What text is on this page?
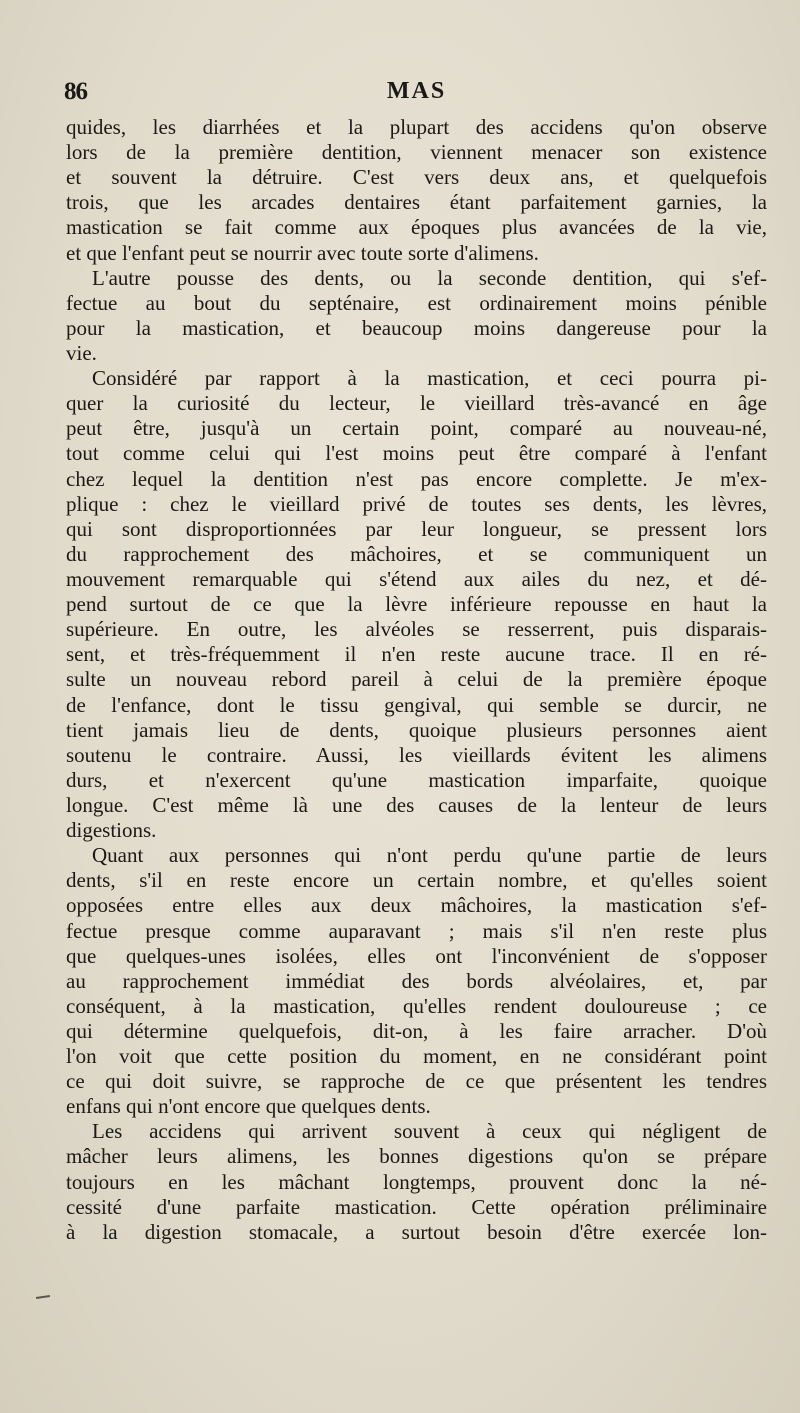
86	MAS
quides, les diarrhées et la plupart des accidens qu'on observe
lors de la première dentition, viennent menacer son existence
et souvent la détruire. C'est vers deux ans, et quelquefois
trois, que les arcades dentaires étant parfaitement garnies, la
mastication se fait comme aux époques plus avancées de la vie,
et que l'enfant peut se nourrir avec toute sorte d'alimens.
L'autre pousse des dents, ou la seconde dentition, qui s'ef-
fectue au bout du septénaire, est ordinairement moins pénible
pour la mastication, et beaucoup moins dangereuse pour la
vie.
Considéré par rapport à la mastication, et ceci pourra pi-
quer la curiosité du lecteur, le vieillard très-avancé en âge
peut être, jusqu'à un certain point, comparé au nouveau-né,
tout comme celui qui l'est moins peut être comparé à l'enfant
chez lequel la dentition n'est pas encore complette. Je m'ex-
plique : chez le vieillard privé de toutes ses dents, les lèvres,
qui sont disproportionnées par leur longueur, se pressent lors
du rapprochement des mâchoires, et se communiquent un
mouvement remarquable qui s'étend aux ailes du nez, et dé-
pend surtout de ce que la lèvre inférieure repousse en haut la
supérieure. En outre, les alvéoles se resserrent, puis disparais-
sent, et très-fréquemment il n'en reste aucune trace. Il en ré-
sulte un nouveau rebord pareil à celui de la première époque
de l'enfance, dont le tissu gengival, qui semble se durcir, ne
tient jamais lieu de dents, quoique plusieurs personnes aient
soutenu le contraire. Aussi, les vieillards évitent les alimens
durs, et n'exercent qu'une mastication imparfaite, quoique
longue. C'est même là une des causes de la lenteur de leurs
digestions.
Quant aux personnes qui n'ont perdu qu'une partie de leurs
dents, s'il en reste encore un certain nombre, et qu'elles soient
opposées entre elles aux deux mâchoires, la mastication s'ef-
fectue presque comme auparavant ; mais s'il n'en reste plus
que quelques-unes isolées, elles ont l'inconvénient de s'opposer
au rapprochement immédiat des bords alvéolaires, et, par
conséquent, à la mastication, qu'elles rendent douloureuse ; ce
qui détermine quelquefois, dit-on, à les faire arracher. D'où
l'on voit que cette position du moment, en ne considérant point
ce qui doit suivre, se rapproche de ce que présentent les tendres
enfans qui n'ont encore que quelques dents.
Les accidens qui arrivent souvent à ceux qui négligent de
mâcher leurs alimens, les bonnes digestions qu'on se prépare
toujours en les mâchant longtemps, prouvent donc la né-
cessité d'une parfaite mastication. Cette opération préliminaire
à la digestion stomacale, a surtout besoin d'être exercée lon-
